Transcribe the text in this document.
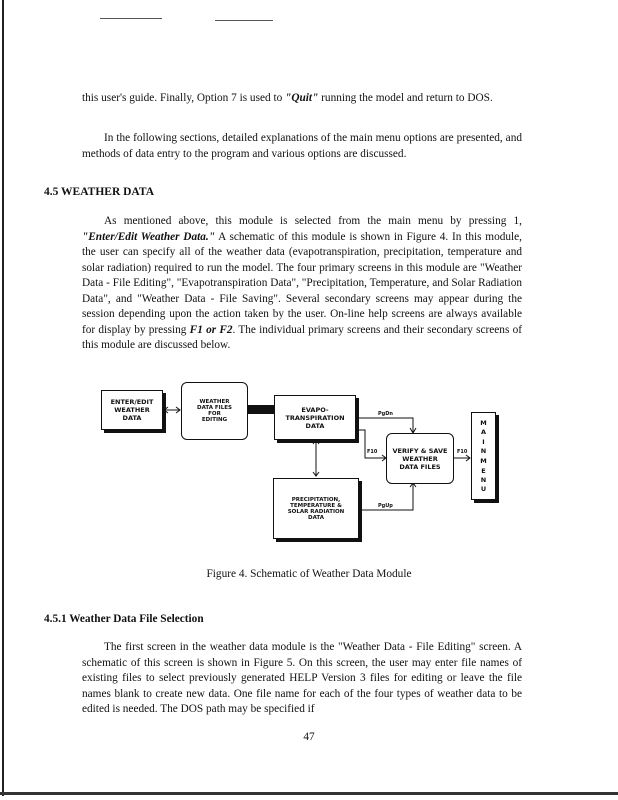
this user's guide. Finally, Option 7 is used to "Quit" running the model and return to DOS.

In the following sections, detailed explanations of the main menu options are presented, and methods of data entry to the program and various options are discussed.

4.5 WEATHER DATA

As mentioned above, this module is selected from the main menu by pressing 1, "Enter/Edit Weather Data." A schematic of this module is shown in Figure 4. In this module, the user can specify all of the weather data (evapotranspiration, precipitation, temperature and solar radiation) required to run the model. The four primary screens in this module are "Weather Data - File Editing", "Evapotranspiration Data", "Precipitation, Temperature, and Solar Radiation Data", and "Weather Data - File Saving". Several secondary screens may appear during the session depending upon the action taken by the user. On-line help screens are always available for display by pressing F1 or F2. The individual primary screens and their secondary screens of this module are discussed below.

ENTER/EDIT
WEATHER
DATA
WEATHER
DATA FILES
FOR
EDITING
EVAPO-
TRANSPIRATION
DATA
VERIFY & SAVE
WEATHER
DATA FILES
PRECIPITATION,
TEMPERATURE &
SOLAR RADIATION
DATA
M
A
I
N
M
E
N
U
PgDn
F10	F10
PgUp
Figure 4. Schematic of Weather Data Module
4.5.1 Weather Data File Selection

The first screen in the weather data module is the "Weather Data - File Editing" screen. A schematic of this screen is shown in Figure 5. On this screen, the user may enter file names of existing files to select previously generated HELP Version 3 files for editing or leave the file names blank to create new data. One file name for each of the four types of weather data to be edited is needed. The DOS path may be specified if

47
